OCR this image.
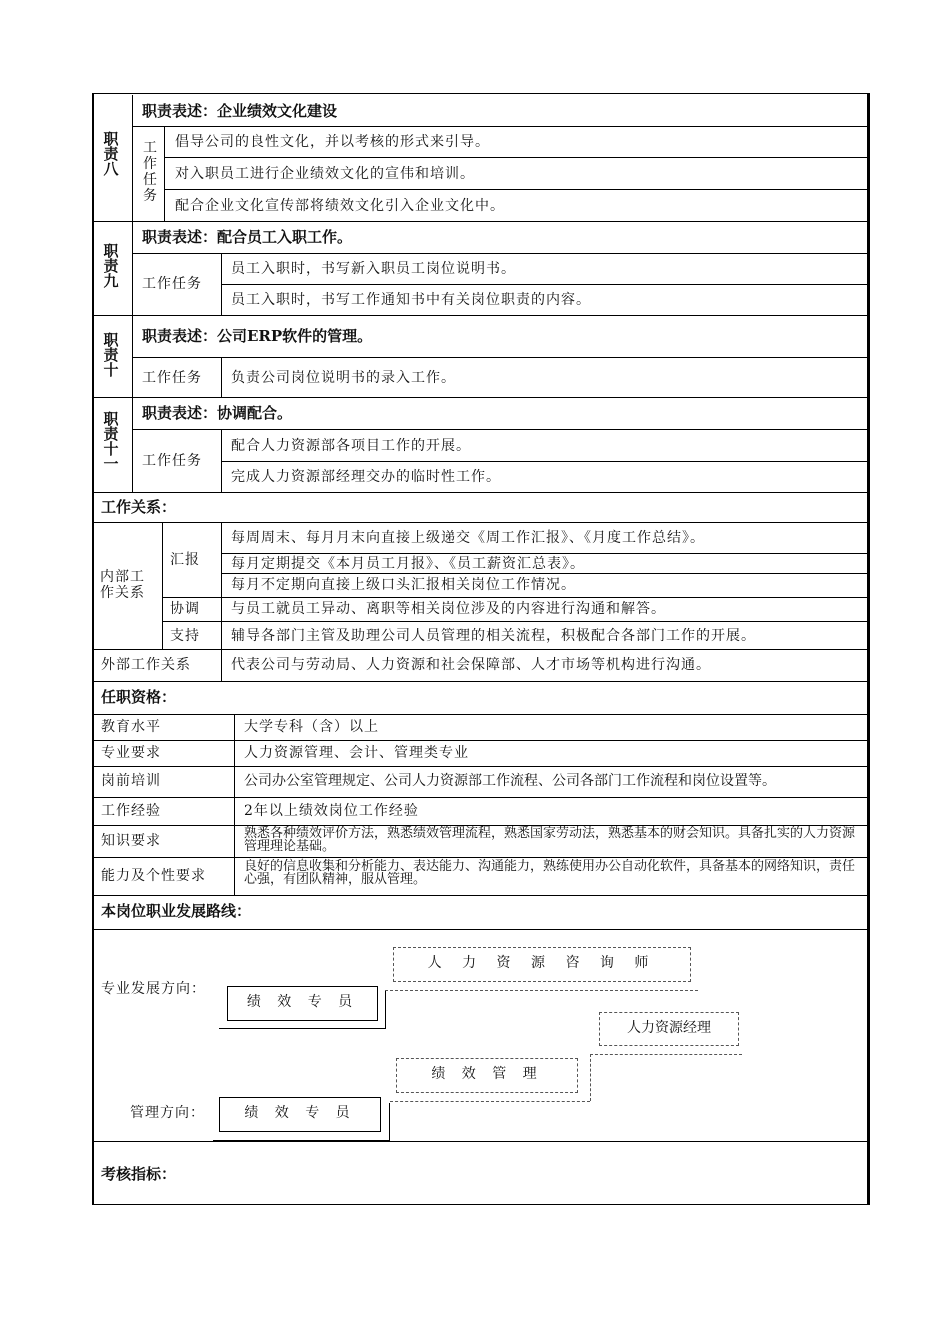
职责八
职责表述：企业绩效文化建设
工作任务
倡导公司的良性文化，并以考核的形式来引导。
对入职员工进行企业绩效文化的宣伟和培训。
配合企业文化宣传部将绩效文化引入企业文化中。
职责九
职责表述：配合员工入职工作。
工作任务
员工入职时，书写新入职员工岗位说明书。
员工入职时，书写工作通知书中有关岗位职责的内容。
职责十
职责表述：公司ERP软件的管理。
工作任务 负责公司岗位说明书的录入工作。
职责十一
职责表述：协调配合。
工作任务
配合人力资源部各项目工作的开展。
完成人力资源部经理交办的临时性工作。
工作关系：
内部工作关系
汇报
每周周末、每月月末向直接上级递交《周工作汇报》、《月度工作总结》。
每月定期提交《本月员工月报》、《员工薪资汇总表》。
每月不定期向直接上级口头汇报相关岗位工作情况。
协调 与员工就员工异动、离职等相关岗位涉及的内容进行沟通和解答。
支持 辅导各部门主管及助理公司人员管理的相关流程，积极配合各部门工作的开展。
外部工作关系	代表公司与劳动局、人力资源和社会保障部、人才市场等机构进行沟通。
任职资格：
教育水平	大学专科（含）以上
专业要求	人力资源管理、会计、管理类专业
岗前培训	公司办公室管理规定、公司人力资源部工作流程、公司各部门工作流程和岗位设置等。
工作经验	2年以上绩效岗位工作经验
知识要求	熟悉各种绩效评价方法，熟悉绩效管理流程，熟悉国家劳动法，熟悉基本的财会知识。具备扎实的人力资源管理理论基础。
能力及个性要求
良好的信息收集和分析能力、表达能力、沟通能力，熟练使用办公自动化软件，具备基本的网络知识，责任心强，有团队精神，服从管理。
本岗位职业发展路线：
专业发展方向：
绩 效 专 员
人 力 资 源 咨 询 师
人力资源经理
绩 效 管 理
管理方向：	绩 效 专 员
考核指标：
